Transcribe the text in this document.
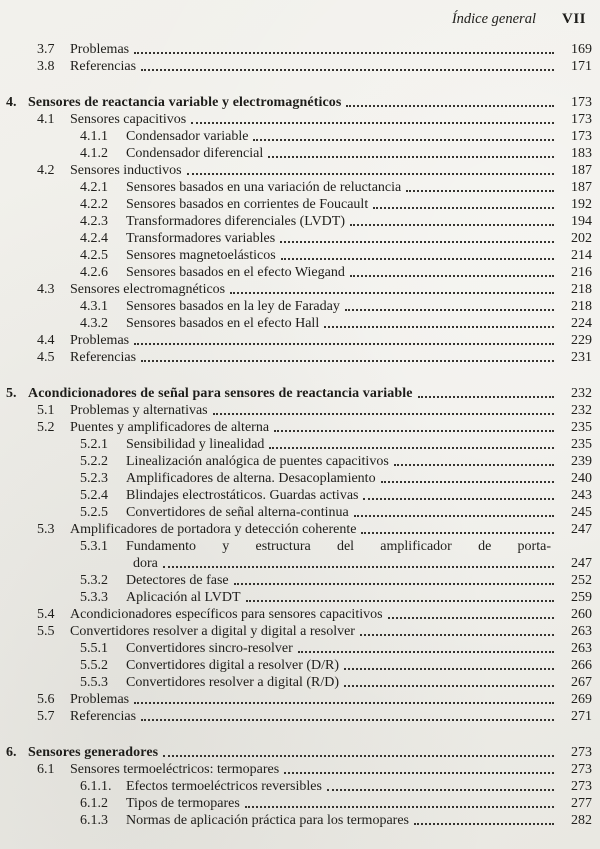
Índice general VII
3.7	Problemas	169
3.8	Referencias	171
4. Sensores de reactancia variable y electromagnéticos	173
4.1	Sensores capacitivos	173
4.1.1	Condensador variable	173
4.1.2	Condensador diferencial	183
4.2	Sensores inductivos	187
4.2.1	Sensores basados en una variación de reluctancia	187
4.2.2	Sensores basados en corrientes de Foucault	192
4.2.3	Transformadores diferenciales (LVDT)	194
4.2.4	Transformadores variables	202
4.2.5	Sensores magnetoelásticos	214
4.2.6	Sensores basados en el efecto Wiegand	216
4.3	Sensores electromagnéticos	218
4.3.1	Sensores basados en la ley de Faraday	218
4.3.2	Sensores basados en el efecto Hall	224
4.4	Problemas	229
4.5	Referencias	231
5. Acondicionadores de señal para sensores de reactancia variable	232
5.1	Problemas y alternativas	232
5.2	Puentes y amplificadores de alterna	235
5.2.1	Sensibilidad y linealidad	235
5.2.2	Linealización analógica de puentes capacitivos	239
5.2.3	Amplificadores de alterna. Desacoplamiento	240
5.2.4	Blindajes electrostáticos. Guardas activas	243
5.2.5	Convertidores de señal alterna-continua	245
5.3	Amplificadores de portadora y detección coherente	247
5.3.1	Fundamento y estructura del amplificador de porta-
dora	247
5.3.2	Detectores de fase	252
5.3.3	Aplicación al LVDT	259
5.4	Acondicionadores específicos para sensores capacitivos	260
5.5	Convertidores resolver a digital y digital a resolver	263
5.5.1	Convertidores sincro-resolver	263
5.5.2	Convertidores digital a resolver (D/R)	266
5.5.3	Convertidores resolver a digital (R/D)	267
5.6	Problemas	269
5.7	Referencias	271
6. Sensores generadores	273
6.1	Sensores termoeléctricos: termopares	273
6.1.1.	Efectos termoeléctricos reversibles	273
6.1.2	Tipos de termopares	277
6.1.3	Normas de aplicación práctica para los termopares	282
